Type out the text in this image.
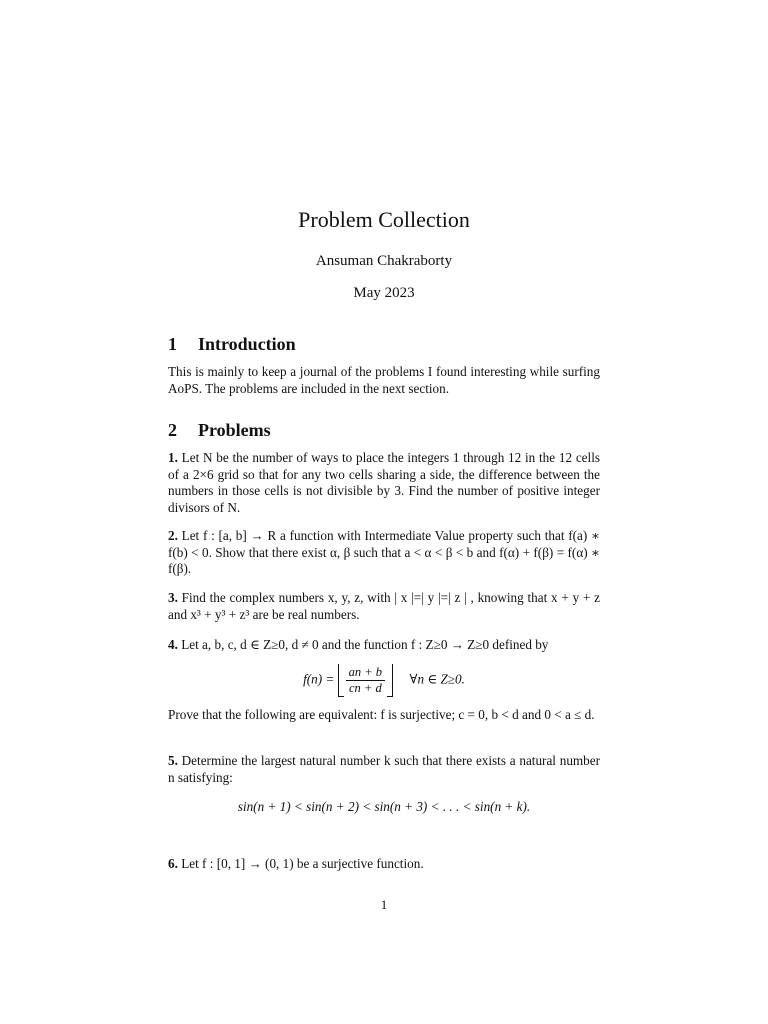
Problem Collection
Ansuman Chakraborty
May 2023
1 Introduction
This is mainly to keep a journal of the problems I found interesting while surfing AoPS. The problems are included in the next section.
2 Problems
1. Let N be the number of ways to place the integers 1 through 12 in the 12 cells of a 2×6 grid so that for any two cells sharing a side, the difference between the numbers in those cells is not divisible by 3. Find the number of positive integer divisors of N.
2. Let f : [a, b] → R a function with Intermediate Value property such that f(a) ∗ f(b) < 0. Show that there exist α, β such that a < α < β < b and f(α) + f(β) = f(α) ∗ f(β).
3. Find the complex numbers x, y, z, with | x |=| y |=| z | , knowing that x + y + z and x³ + y³ + z³ are be real numbers.
4. Let a, b, c, d ∈ Z≥0, d ≠ 0 and the function f : Z≥0 → Z≥0 defined by
$f(n) = \frac{an + b}{cn + d}$ ∀n ∈ Z≥0.
Prove that the following are equivalent: f is surjective; c = 0, b < d and 0 < a ≤ d.
5. Determine the largest natural number k such that there exists a natural number n satisfying:
sin(n + 1) < sin(n + 2) < sin(n + 3) < . . . < sin(n + k).
6. Let f : [0, 1] → (0, 1) be a surjective function.
1
